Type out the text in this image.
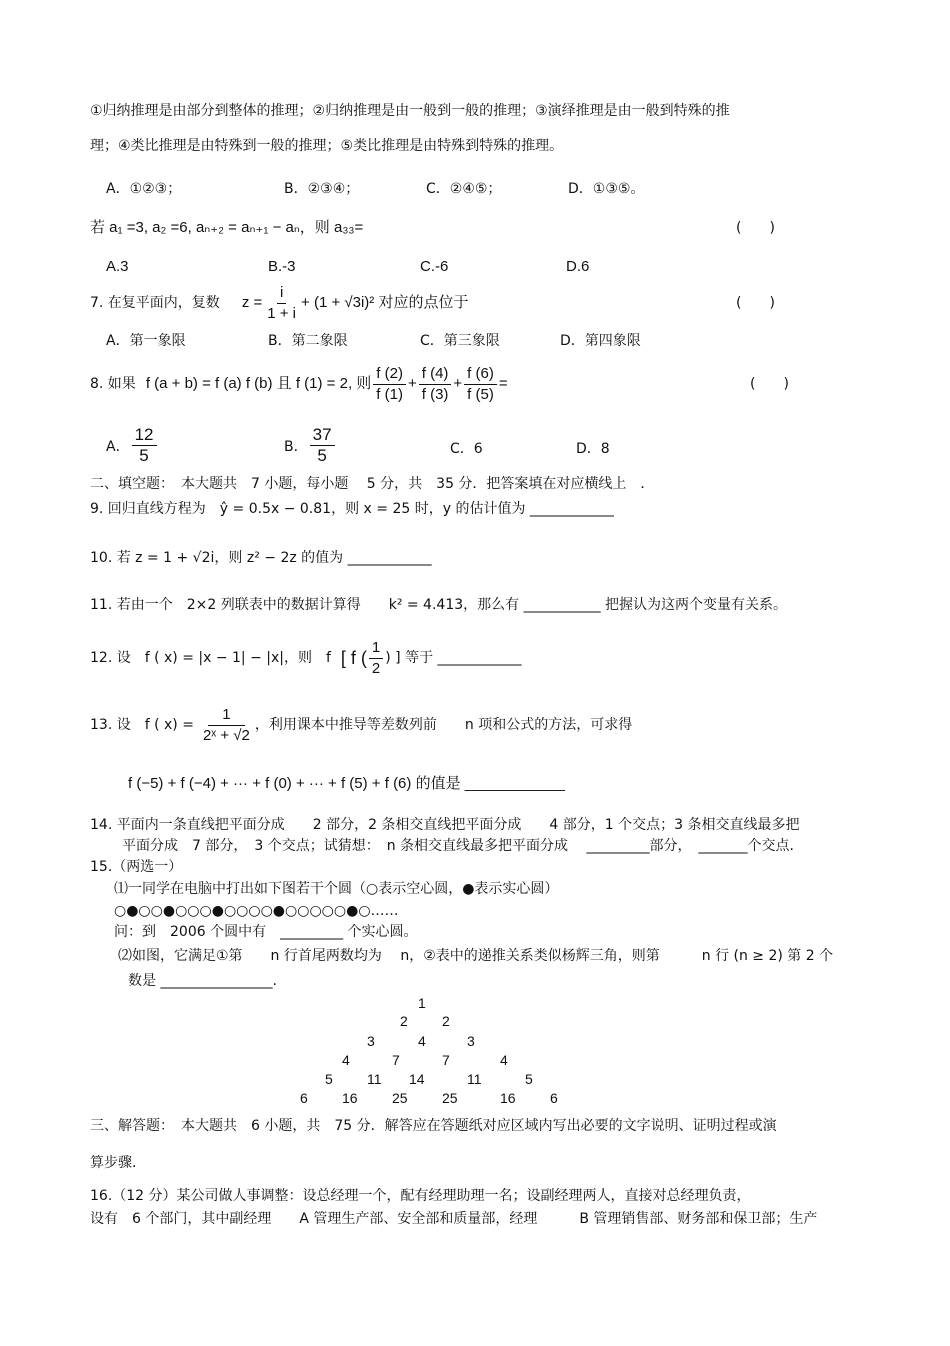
①归纳推理是由部分到整体的推理；②归纳推理是由一般到一般的推理；③演绎推理是由一般到特殊的推
理；④类比推理是由特殊到一般的推理；⑤类比推理是由特殊到特殊的推理。
A．①②③；	B．②③④；	C．②④⑤；	D．①③⑤。
若 a₁ =3, a₂ =6, aₙ₊₂ = aₙ₊₁ − aₙ，则 a₃₃=	(　　)
A.3	B.-3	C.-6	D.6
7. 在复平面内，复数 $z = \frac{i}{1 + i} + (1 + √3i)^2$ 对应的点位于	(　　)
A．第一象限	B．第二象限	C．第三象限	D．第四象限
8. 如果 f (a + b) = f (a) f (b) 且 f (1) = 2, 则 $\frac{f (2)}{f (1)} + \frac{f (4)}{f (3)} + \frac{f (6)}{f (5)}$ =	(　　)
A． $\frac{12}{5}$	B． $\frac{37}{5}$	C．6	D．8
二、填空题：　本大题共　7 小题，每小题　 5 分，共　35 分．把答案填在对应横线上　．
9. 回归直线方程为　ŷ = 0.5x − 0.81，则 x = 25 时，y 的估计值为 ____________
10. 若 z = 1 + √2i，则 z² − 2z 的值为 ____________
11. 若由一个　2×2 列联表中的数据计算得　　k² = 4.413，那么有 ___________ 把握认为这两个变量有关系。
12. 设　f ( x) = |x − 1| − |x|，则　f [ f ( $\frac{1}{2}$ ) ] 等于 ____________
13. 设　f ( $x) = \frac{1}{\text{2ˣ + √2}}$ ，利用课本中推导等差数列前　　n 项和公式的方法，可求得
f (−5) + f (−4) + ··· + f (0) + ··· + f (5) + f (6) 的值是 ____________
14. 平面内一条直线把平面分成　　2 部分，2 条相交直线把平面分成　　4 部分，1 个交点；3 条相交直线最多把
平面分成　7 部分，　3 个交点；试猜想：　n 条相交直线最多把平面分成　 _________部分，　_______个交点．
15.（两选一）
⑴一同学在电脑中打出如下图若干个圆（○表示空心圆，●表示实心圆）
○●○○●○○○●○○○○●○○○○○●○……
问：到　2006 个圆中有　_________ 个实心圆。
⑵如图，它满足①第　　n 行首尾两数均为　 n，②表中的递推关系类似杨辉三角，则第　　　n 行 (n ≥ 2) 第 2 个
数是 ________________.
1
2 2
3	4	3
4	7	7	4
5 11 14	11	5
6 16 25 25	16 6
三、解答题：　本大题共　6 小题，共　75 分．解答应在答题纸对应区域内写出必要的文字说明、证明过程或演
算步骤．
16.（12 分）某公司做人事调整：设总经理一个，配有经理助理一名；设副经理两人，直接对总经理负责，
设有　6 个部门，其中副经理　　A 管理生产部、安全部和质量部，经理　　　B 管理销售部、财务部和保卫部；生产
